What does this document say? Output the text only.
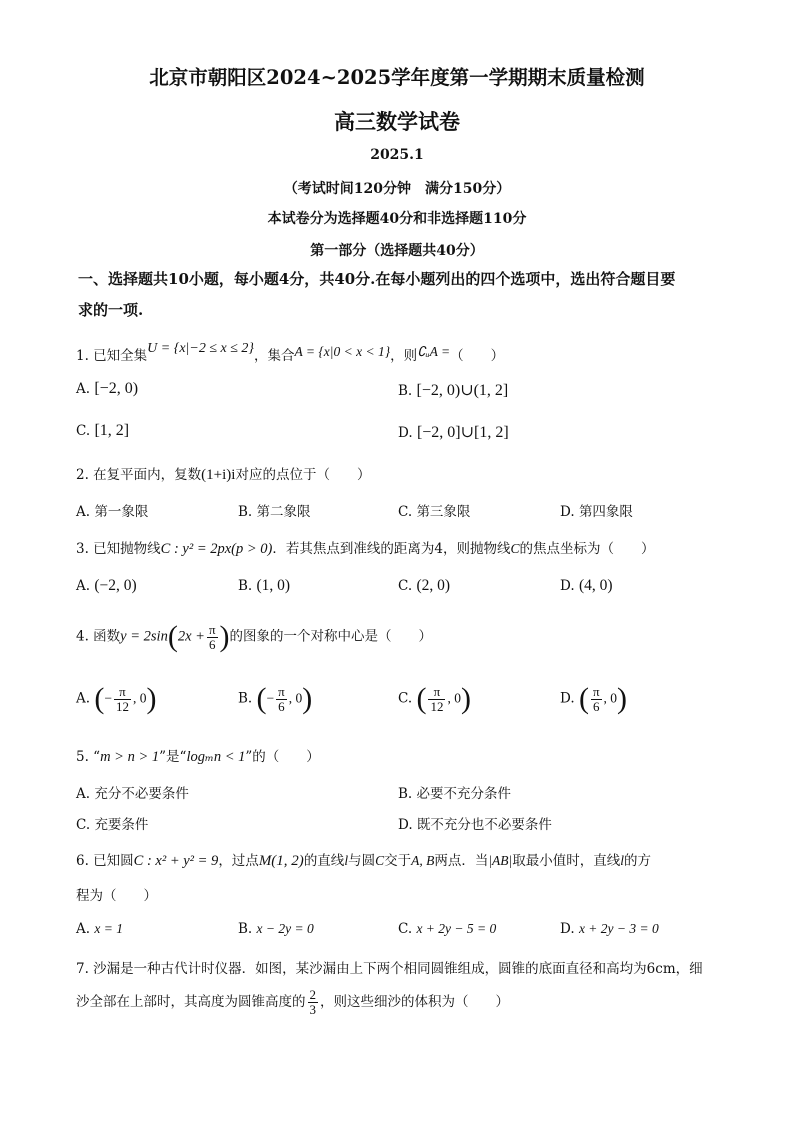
北京市朝阳区2024~2025学年度第一学期期末质量检测
高三数学试卷
2025.1
（考试时间120分钟　满分150分）
本试卷分为选择题40分和非选择题110分
第一部分（选择题共40分）
一、选择题共10小题，每小题4分，共40分.在每小题列出的四个选项中，选出符合题目要
求的一项.
1. 已知全集U = {x|−2 ≤ x ≤ 2}，集合A = {x|0 < x < 1}，则∁ᵤA =（　　）
A. [−2, 0)	B. [−2, 0)∪(1, 2]
C. [1, 2]	D. [−2, 0]∪[1, 2]
2. 在复平面内，复数(1+i)i对应的点位于（　　）
A. 第一象限	B. 第二象限	C. 第三象限	D. 第四象限
3. 已知抛物线C : y² = 2px(p > 0)．若其焦点到准线的距离为4，则抛物线C的焦点坐标为（　　）
A. (−2, 0)	B. (1, 0)	C. (2, 0)	D. (4, 0)
4. 函数$y = 2\sin(2x + \frac{\pi}{6}$ )的图象的一个对称中心是（　　）
A. (− $\frac{\pi}{12}$ , 0)	B. (− $\frac{\pi}{6}$ , 0)	C. ( $\frac{\pi}{12}$ , 0)	D. ( $\frac{\pi}{6}$ , 0)
5. “m > n > 1”是“logₘn < 1”的（　　）
A. 充分不必要条件	B. 必要不充分条件
C. 充要条件	D. 既不充分也不必要条件
6. 已知圆C : x² + y² = 9，过点M(1, 2)的直线l与圆C交于A, B两点．当|AB|取最小值时，直线l的方
程为（　　）
A. x = 1	B. x − 2y = 0	C. x + 2y − 5 = 0	D. x + 2y − 3 = 0
7. 沙漏是一种古代计时仪器．如图，某沙漏由上下两个相同圆锥组成，圆锥的底面直径和高均为6cm，细
沙全部在上部时，其高度为圆锥高度的 $\frac{2}{3}$ ，则这些细沙的体积为（　　）
